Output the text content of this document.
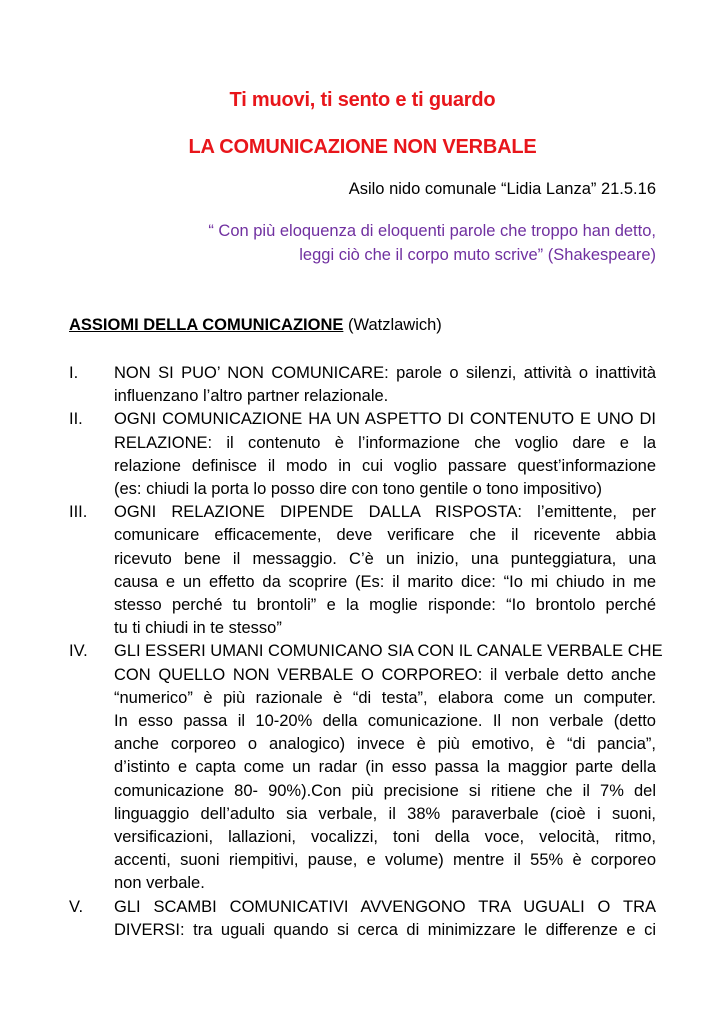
Ti muovi, ti sento e ti guardo
LA COMUNICAZIONE NON VERBALE
Asilo nido comunale “Lidia Lanza” 21.5.16
“ Con più eloquenza di eloquenti parole che troppo han detto,
leggi ciò che il corpo muto scrive” (Shakespeare)
ASSIOMI DELLA COMUNICAZIONE (Watzlawich)
I. NON SI PUO’ NON COMUNICARE: parole o silenzi, attività o inattività
influenzano l’altro partner relazionale.
II. OGNI COMUNICAZIONE HA UN ASPETTO DI CONTENUTO E UNO DI
RELAZIONE: il contenuto è l’informazione che voglio dare e la
relazione definisce il modo in cui voglio passare quest’informazione
(es: chiudi la porta lo posso dire con tono gentile o tono impositivo)
III. OGNI RELAZIONE DIPENDE DALLA RISPOSTA: l’emittente, per
comunicare efficacemente, deve verificare che il ricevente abbia
ricevuto bene il messaggio. C’è un inizio, una punteggiatura, una
causa e un effetto da scoprire (Es: il marito dice: “Io mi chiudo in me
stesso perché tu brontoli” e la moglie risponde: “Io brontolo perché
tu ti chiudi in te stesso”
IV. GLI ESSERI UMANI COMUNICANO SIA CON IL CANALE VERBALE CHE
CON QUELLO NON VERBALE O CORPOREO: il verbale detto anche
“numerico” è più razionale è “di testa”, elabora come un computer.
In esso passa il 10-20% della comunicazione. Il non verbale (detto
anche corporeo o analogico) invece è più emotivo, è “di pancia”,
d’istinto e capta come un radar (in esso passa la maggior parte della
comunicazione 80- 90%).Con più precisione si ritiene che il 7% del
linguaggio dell’adulto sia verbale, il 38% paraverbale (cioè i suoni,
versificazioni, lallazioni, vocalizzi, toni della voce, velocità, ritmo,
accenti, suoni riempitivi, pause, e volume) mentre il 55% è corporeo
non verbale.
V. GLI SCAMBI COMUNICATIVI AVVENGONO TRA UGUALI O TRA
DIVERSI: tra uguali quando si cerca di minimizzare le differenze e ci
